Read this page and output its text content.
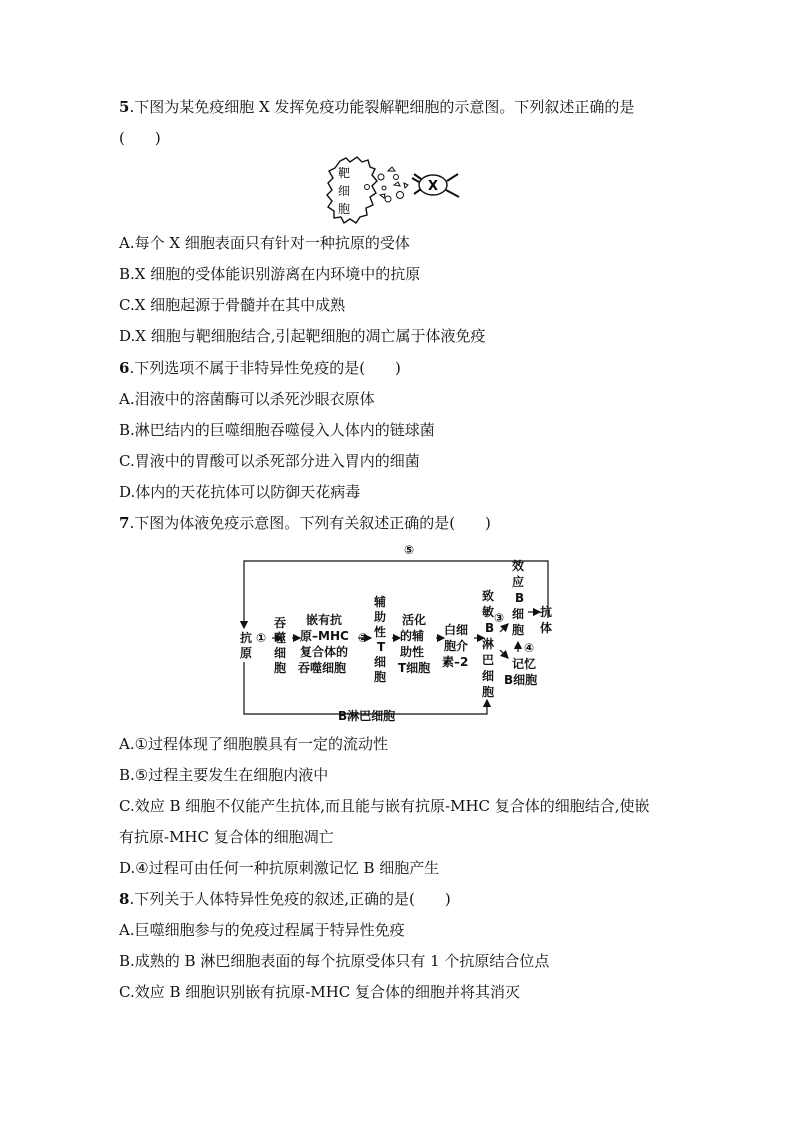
5.下图为某免疫细胞 X 发挥免疫功能裂解靶细胞的示意图。下列叙述正确的是
(　　)
靶
细
胞
X
A.每个 X 细胞表面只有针对一种抗原的受体
B.X 细胞的受体能识别游离在内环境中的抗原
C.X 细胞起源于骨髓并在其中成熟
D.X 细胞与靶细胞结合,引起靶细胞的凋亡属于体液免疫
6.下列选项不属于非特异性免疫的是(　　)
A.泪液中的溶菌酶可以杀死沙眼衣原体
B.淋巴结内的巨噬细胞吞噬侵入人体内的链球菌
C.胃液中的胃酸可以杀死部分进入胃内的细菌
D.体内的天花抗体可以防御天花病毒
7.下图为体液免疫示意图。下列有关叙述正确的是(　　)
⑤
抗
原
①
吞
噬
细
胞
嵌有抗
原–MHC
复合体的
吞噬细胞
②
辅
助
性
T
细
胞
活化
的辅
助性
T细胞
白细
胞介
素–2
致
敏
B
淋
巴
细
胞
③
效
应
B
细
胞
④
抗
体
记忆
B细胞
B淋巴细胞
A.①过程体现了细胞膜具有一定的流动性
B.⑤过程主要发生在细胞内液中
C.效应 B 细胞不仅能产生抗体,而且能与嵌有抗原-MHC 复合体的细胞结合,使嵌
有抗原-MHC 复合体的细胞凋亡
D.④过程可由任何一种抗原刺激记忆 B 细胞产生
8.下列关于人体特异性免疫的叙述,正确的是(　　)
A.巨噬细胞参与的免疫过程属于特异性免疫
B.成熟的 B 淋巴细胞表面的每个抗原受体只有 1 个抗原结合位点
C.效应 B 细胞识别嵌有抗原-MHC 复合体的细胞并将其消灭
